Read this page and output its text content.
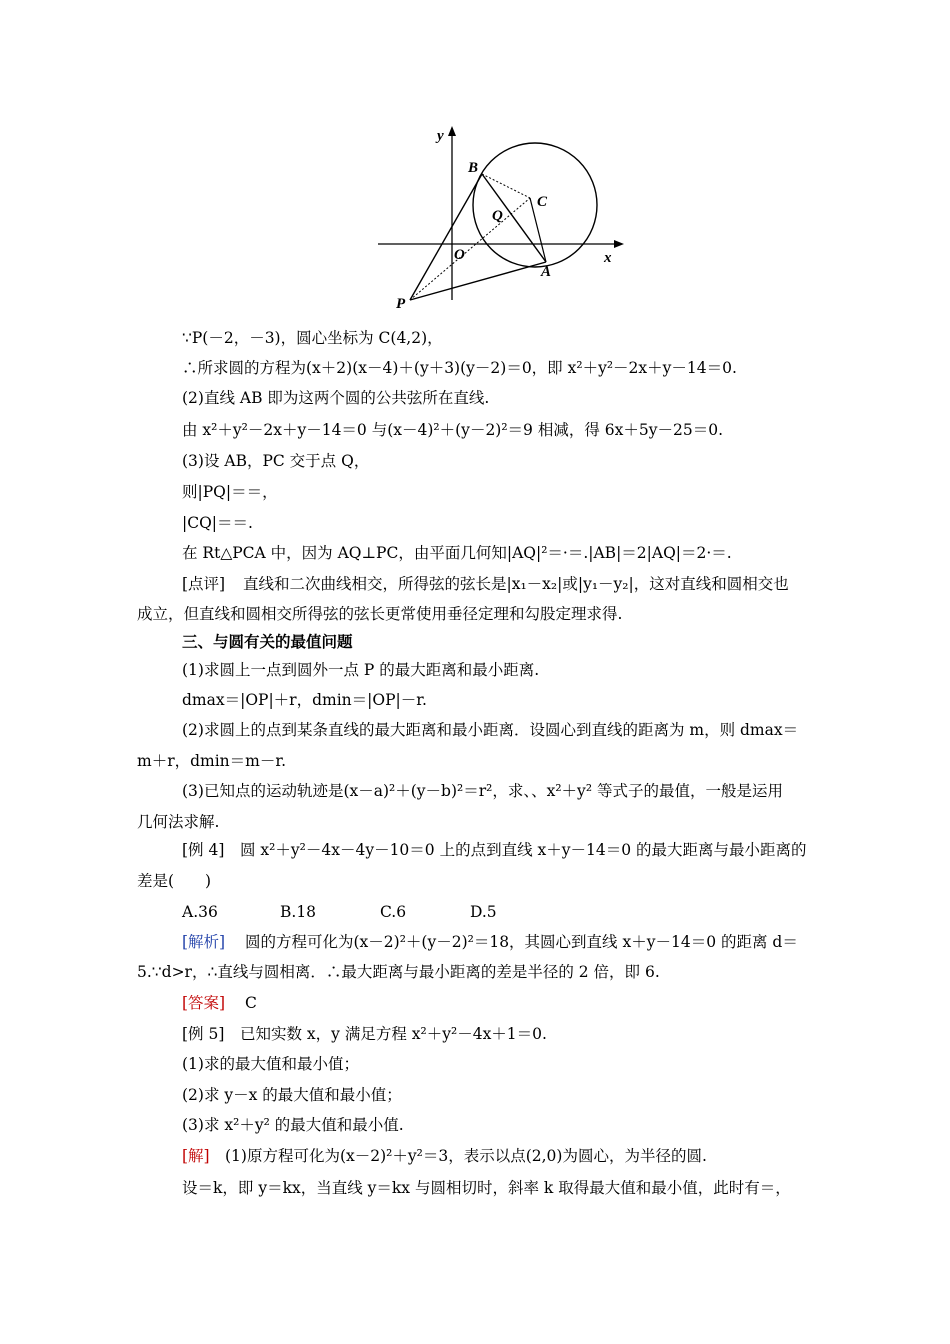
y
x
B
C
Q
O
A
P
∵P(－2，－3)，圆心坐标为 C(4,2)，
∴所求圆的方程为(x＋2)(x－4)＋(y＋3)(y－2)＝0，即 x²＋y²－2x＋y－14＝0.
(2)直线 AB 即为这两个圆的公共弦所在直线.
由 x²＋y²－2x＋y－14＝0 与(x－4)²＋(y－2)²＝9 相减，得 6x＋5y－25＝0.
(3)设 AB，PC 交于点 Q，
则|PQ|＝＝，
|CQ|＝＝.
在 Rt△PCA 中，因为 AQ⊥PC，由平面几何知|AQ|²＝·＝.|AB|＝2|AQ|＝2·＝.
[点评] 直线和二次曲线相交，所得弦的弦长是|x₁－x₂|或|y₁－y₂|，这对直线和圆相交也
成立，但直线和圆相交所得弦的弦长更常使用垂径定理和勾股定理求得.
三、与圆有关的最值问题
(1)求圆上一点到圆外一点 P 的最大距离和最小距离.
dmax＝|OP|＋r，dmin＝|OP|－r.
(2)求圆上的点到某条直线的最大距离和最小距离．设圆心到直线的距离为 m，则 dmax＝
m＋r，dmin＝m－r.
(3)已知点的运动轨迹是(x－a)²＋(y－b)²＝r²，求、、x²＋y² 等式子的最值，一般是运用
几何法求解.
[例 4] 圆 x²＋y²－4x－4y－10＝0 上的点到直线 x＋y－14＝0 的最大距离与最小距离的
差是(　　)
A.36	B.18	C.6	D.5
[解析] 圆的方程可化为(x－2)²＋(y－2)²＝18，其圆心到直线 x＋y－14＝0 的距离 d＝
5.∵d>r，∴直线与圆相离．∴最大距离与最小距离的差是半径的 2 倍，即 6.
[答案] C
[例 5] 已知实数 x，y 满足方程 x²＋y²－4x＋1＝0.
(1)求的最大值和最小值；
(2)求 y－x 的最大值和最小值；
(3)求 x²＋y² 的最大值和最小值.
[解] (1)原方程可化为(x－2)²＋y²＝3，表示以点(2,0)为圆心，为半径的圆.
设＝k，即 y＝kx，当直线 y＝kx 与圆相切时，斜率 k 取得最大值和最小值，此时有＝，
